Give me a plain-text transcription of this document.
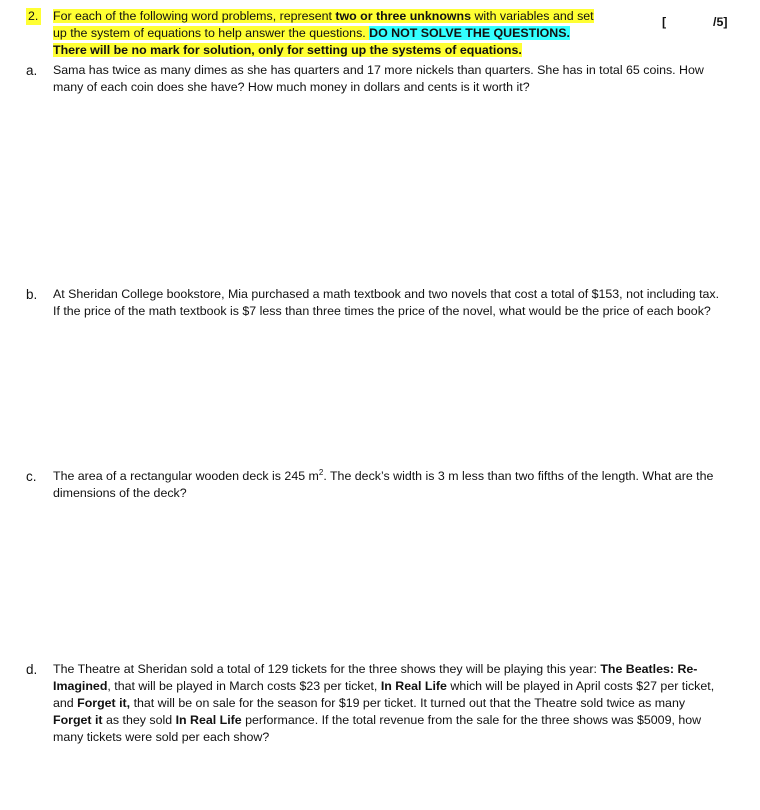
2. For each of the following word problems, represent two or three unknowns with variables and set
up the system of equations to help answer the questions. DO NOT SOLVE THE QUESTIONS.
There will be no mark for solution, only for setting up the systems of equations.
[	/5]
a.	Sama has twice as many dimes as she has quarters and 17 more nickels than quarters. She has in total 65 coins. How many of each coin does she have? How much money in dollars and cents is it worth it?
b.	At Sheridan College bookstore, Mia purchased a math textbook and two novels that cost a total of $153, not including tax. If the price of the math textbook is $7 less than three times the price of the novel, what would be the price of each book?
c.	The area of a rectangular wooden deck is 245 $m^2$. The deck’s width is 3 m less than two fifths of the length. What are the dimensions of the deck?
d.	The Theatre at Sheridan sold a total of 129 tickets for the three shows they will be playing this year: The Beatles: Re-Imagined, that will be played in March costs $23 per ticket, In Real Life which will be played in April costs $27 per ticket, and Forget it, that will be on sale for the season for $19 per ticket. It turned out that the Theatre sold twice as many Forget it as they sold In Real Life performance. If the total revenue from the sale for the three shows was $5009, how many tickets were sold per each show?
